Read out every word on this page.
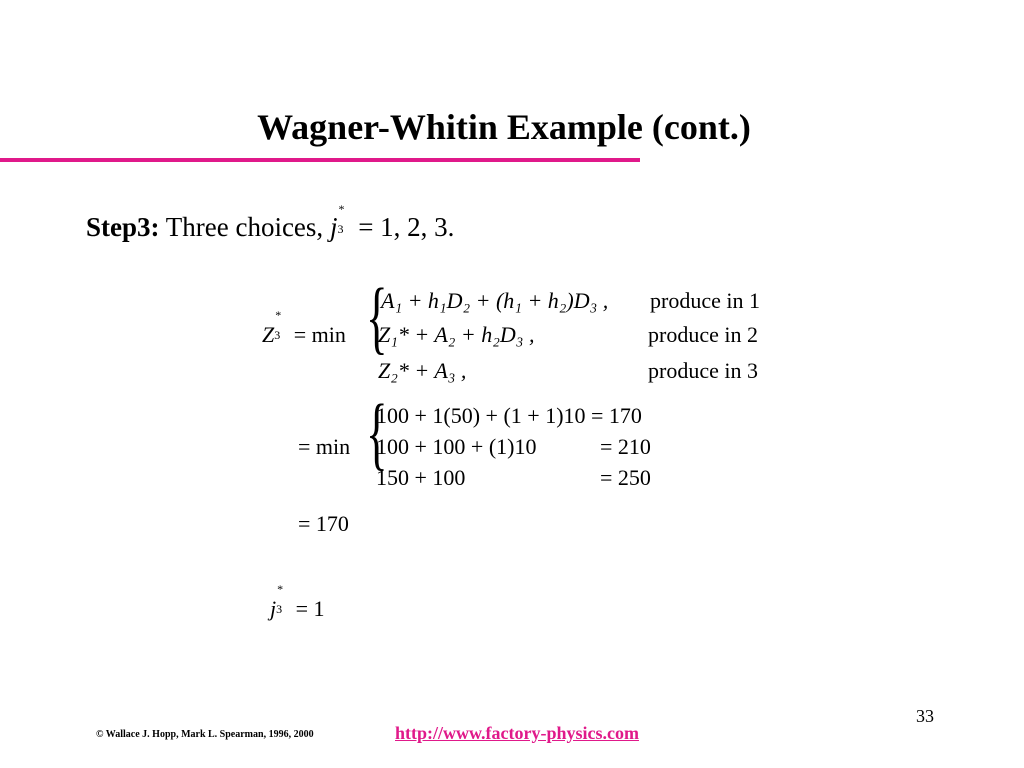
Wagner-Whitin Example (cont.)
Step3: Three choices, j
*
3 = 1, 2, 3.
Z
*
3 = min {
A₁ + h₁D₂ + (h₁ + h₂)D₃ , produce in 1
Z₁* + A₂ + h₂D₃ ,	produce in 2
Z₂* + A₃ ,	produce in 3
= min {
100 + 1(50) + (1 + 1)10 = 170
100 + 100 + (1)10	= 210
150 + 100	= 250
= 170
j
*
3 = 1
33
© Wallace J. Hopp, Mark L. Spearman, 1996, 2000	http://www.factory-physics.com
